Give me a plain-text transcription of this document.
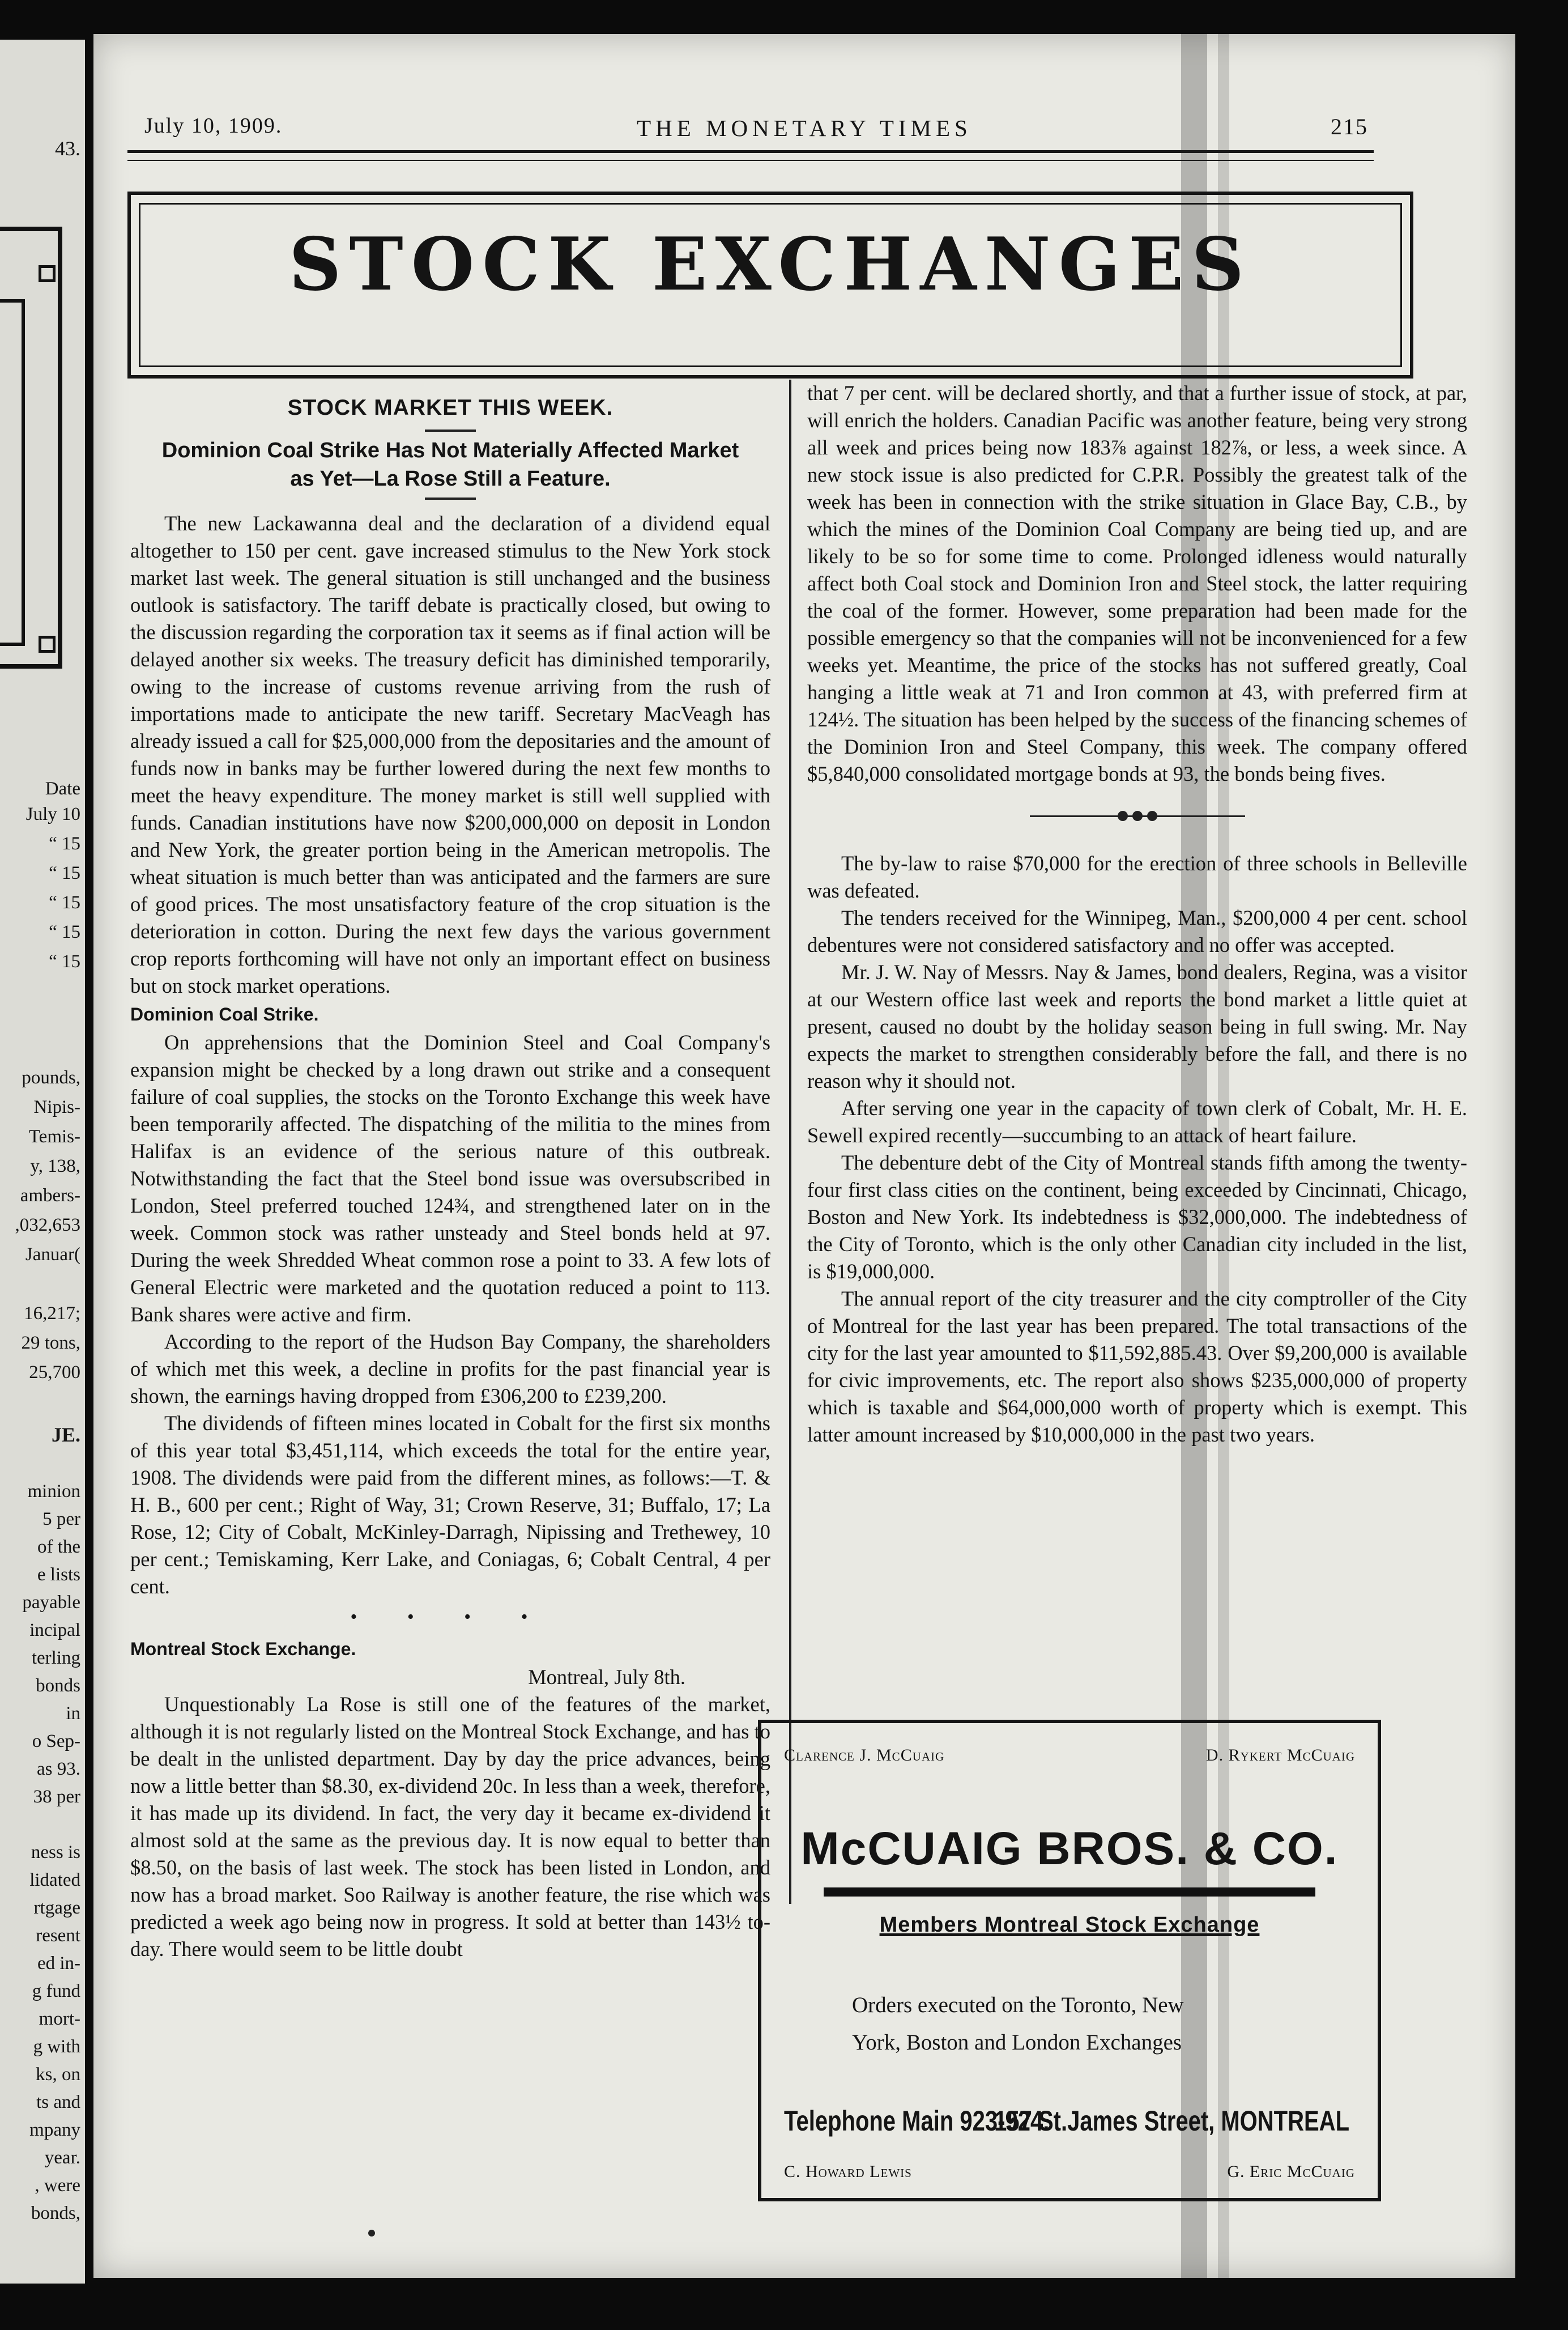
43.
Date
July 10
“ 15
“ 15
“ 15
“ 15
“ 15
pounds,
Nipis-
Temis-
y, 138,
ambers-
,032,653
Januar(
16,217;
29 tons,
25,700
JE.
minion
5 per
of the
e lists
payable
incipal
terling
bonds
in
o Sep-
as 93.
38 per
ness is
lidated
rtgage
resent
ed in-
g fund
mort-
g with
ks, on
ts and
mpany
year.
, were
bonds,
July 10, 1909.	THE MONETARY TIMES	215
STOCK EXCHANGES
STOCK MARKET THIS WEEK.
Dominion Coal Strike Has Not Materially Affected Market as Yet—La Rose Still a Feature.

The new Lackawanna deal and the declaration of a dividend equal altogether to 150 per cent. gave increased stimulus to the New York stock market last week. The general situation is still unchanged and the business outlook is satisfactory. The tariff debate is practically closed, but owing to the discussion regarding the corporation tax it seems as if final action will be delayed another six weeks. The treasury deficit has diminished temporarily, owing to the increase of customs revenue arriving from the rush of importations made to anticipate the new tariff. Secretary MacVeagh has already issued a call for $25,000,000 from the depositaries and the amount of funds now in banks may be further lowered during the next few months to meet the heavy expenditure. The money market is still well supplied with funds. Canadian institutions have now $200,000,000 on deposit in London and New York, the greater portion being in the American metropolis. The wheat situation is much better than was anticipated and the farmers are sure of good prices. The most unsatisfactory feature of the crop situation is the deterioration in cotton. During the next few days the various government crop reports forthcoming will have not only an important effect on business but on stock market operations.

Dominion Coal Strike.

On apprehensions that the Dominion Steel and Coal Company's expansion might be checked by a long drawn out strike and a consequent failure of coal supplies, the stocks on the Toronto Exchange this week have been temporarily affected. The dispatching of the militia to the mines from Halifax is an evidence of the serious nature of this outbreak. Notwithstanding the fact that the Steel bond issue was oversubscribed in London, Steel preferred touched 124¾, and strengthened later on in the week. Common stock was rather unsteady and Steel bonds held at 97. During the week Shredded Wheat common rose a point to 33. A few lots of General Electric were marketed and the quotation reduced a point to 113. Bank shares were active and firm.

According to the report of the Hudson Bay Company, the shareholders of which met this week, a decline in profits for the past financial year is shown, the earnings having dropped from £306,200 to £239,200.

The dividends of fifteen mines located in Cobalt for the first six months of this year total $3,451,114, which exceeds the total for the entire year, 1908. The dividends were paid from the different mines, as follows:—T. & H. B., 600 per cent.; Right of Way, 31; Crown Reserve, 31; Buffalo, 17; La Rose, 12; City of Cobalt, McKinley-Darragh, Nipissing and Trethewey, 10 per cent.; Temiskaming, Kerr Lake, and Coniagas, 6; Cobalt Central, 4 per cent.

• • • •
Montreal Stock Exchange.
Montreal, July 8th.

Unquestionably La Rose is still one of the features of the market, although it is not regularly listed on the Montreal Stock Exchange, and has to be dealt in the unlisted department. Day by day the price advances, being now a little better than $8.30, ex-dividend 20c. In less than a week, therefore, it has made up its dividend. In fact, the very day it became ex-dividend it almost sold at the same as the previous day. It is now equal to better than $8.50, on the basis of last week. The stock has been listed in London, and now has a broad market. Soo Railway is another feature, the rise which was predicted a week ago being now in progress. It sold at better than 143½ to-day. There would seem to be little doubt

that 7 per cent. will be declared shortly, and that a further issue of stock, at par, will enrich the holders. Canadian Pacific was another feature, being very strong all week and prices being now 183⅞ against 182⅞, or less, a week since. A new stock issue is also predicted for C.P.R. Possibly the greatest talk of the week has been in connection with the strike situation in Glace Bay, C.B., by which the mines of the Dominion Coal Company are being tied up, and are likely to be so for some time to come. Prolonged idleness would naturally affect both Coal stock and Dominion Iron and Steel stock, the latter requiring the coal of the former. However, some preparation had been made for the possible emergency so that the companies will not be inconvenienced for a few weeks yet. Meantime, the price of the stocks has not suffered greatly, Coal hanging a little weak at 71 and Iron common at 43, with preferred firm at 124½. The situation has been helped by the success of the financing schemes of the Dominion Iron and Steel Company, this week. The company offered $5,840,000 consolidated mortgage bonds at 93, the bonds being fives.

The by-law to raise $70,000 for the erection of three schools in Belleville was defeated.

The tenders received for the Winnipeg, Man., $200,000 4 per cent. school debentures were not considered satisfactory and no offer was accepted.

Mr. J. W. Nay of Messrs. Nay & James, bond dealers, Regina, was a visitor at our Western office last week and reports the bond market a little quiet at present, caused no doubt by the holiday season being in full swing. Mr. Nay expects the market to strengthen considerably before the fall, and there is no reason why it should not.

After serving one year in the capacity of town clerk of Cobalt, Mr. H. E. Sewell expired recently—succumbing to an attack of heart failure.

The debenture debt of the City of Montreal stands fifth among the twenty-four first class cities on the continent, being exceeded by Cincinnati, Chicago, Boston and New York. Its indebtedness is $32,000,000. The indebtedness of the City of Toronto, which is the only other Canadian city included in the list, is $19,000,000.

The annual report of the city treasurer and the city comptroller of the City of Montreal for the last year has been prepared. The total transactions of the city for the last year amounted to $11,592,885.43. Over $9,200,000 is available for civic improvements, etc. The report also shows $235,000,000 of property which is taxable and $64,000,000 worth of property which is exempt. This latter amount increased by $10,000,000 in the past two years.

Clarence J. McCuaig	D. Rykert McCuaig
McCUAIG BROS. & CO.
Members Montreal Stock Exchange
Orders executed on the Toronto, New
York, Boston and London Exchanges
Telephone Main 923-924.
157 St.James Street, MONTREAL
C. Howard Lewis	G. Eric McCuaig
